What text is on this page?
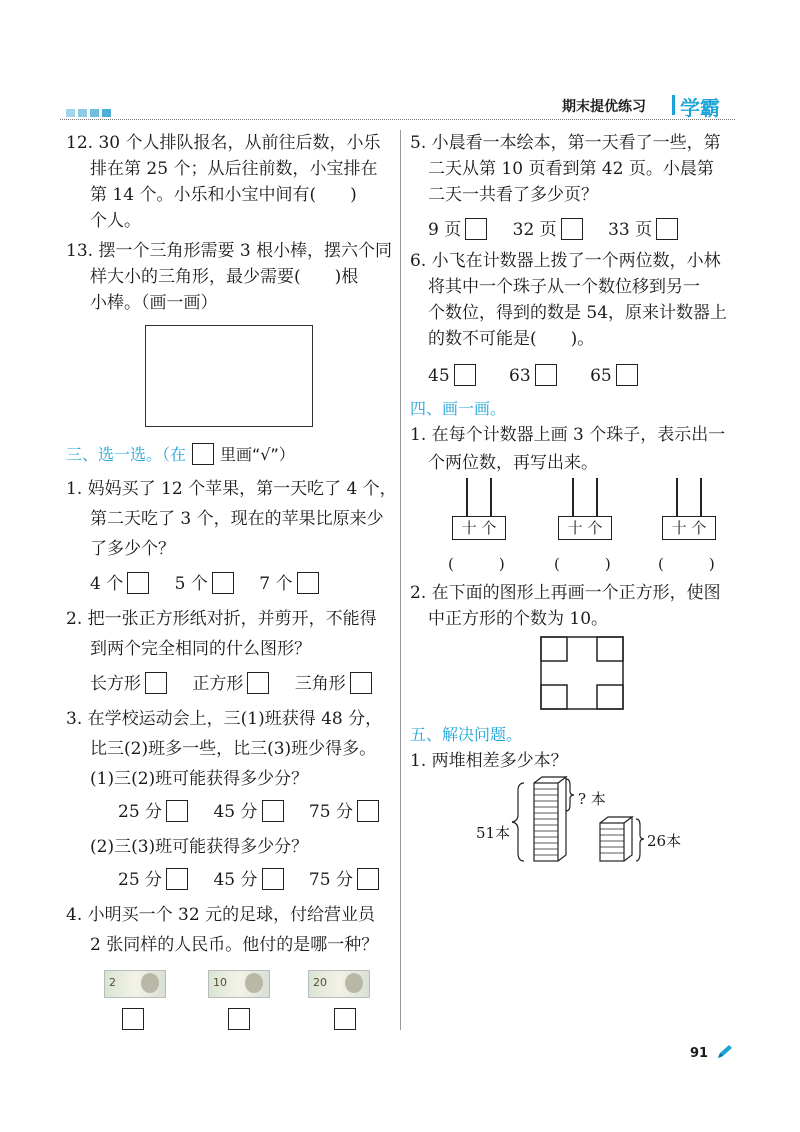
期末提优练习 学霸
12. 30 个人排队报名，从前往后数，小乐
排在第 25 个；从后往前数，小宝排在
第 14 个。小乐和小宝中间有(　　)
个人。
13. 摆一个三角形需要 3 根小棒，摆六个同
样大小的三角形，最少需要(　　)根
小棒。（画一画）
三、选一选。（在 里画“√”）
1. 妈妈买了 12 个苹果，第一天吃了 4 个，
第二天吃了 3 个，现在的苹果比原来少
了多少个？
4 个	5 个	7 个
2. 把一张正方形纸对折，并剪开，不能得
到两个完全相同的什么图形？
长方形	正方形	三角形
3. 在学校运动会上，三(1)班获得 48 分，
比三(2)班多一些，比三(3)班少得多。
(1)三(2)班可能获得多少分？
25 分	45 分	75 分
(2)三(3)班可能获得多少分？
25 分	45 分	75 分
4. 小明买一个 32 元的足球，付给营业员
2 张同样的人民币。他付的是哪一种？
2	10	20
5. 小晨看一本绘本，第一天看了一些，第
二天从第 10 页看到第 42 页。小晨第
二天一共看了多少页？
9 页	32 页	33 页
6. 小飞在计数器上拨了一个两位数，小林
将其中一个珠子从一个数位移到另一
个数位，得到的数是 54，原来计数器上
的数不可能是(　　)。
45	63	65
四、画一画。
1. 在每个计数器上画 3 个珠子，表示出一
个两位数，再写出来。
十 个	十 个	十 个
(　　　)	(　　　)	(　　　)
2. 在下面的图形上再画一个正方形，使图
中正方形的个数为 10。
五、解决问题。
1. 两堆相差多少本？
51本
? 本
26本
91
